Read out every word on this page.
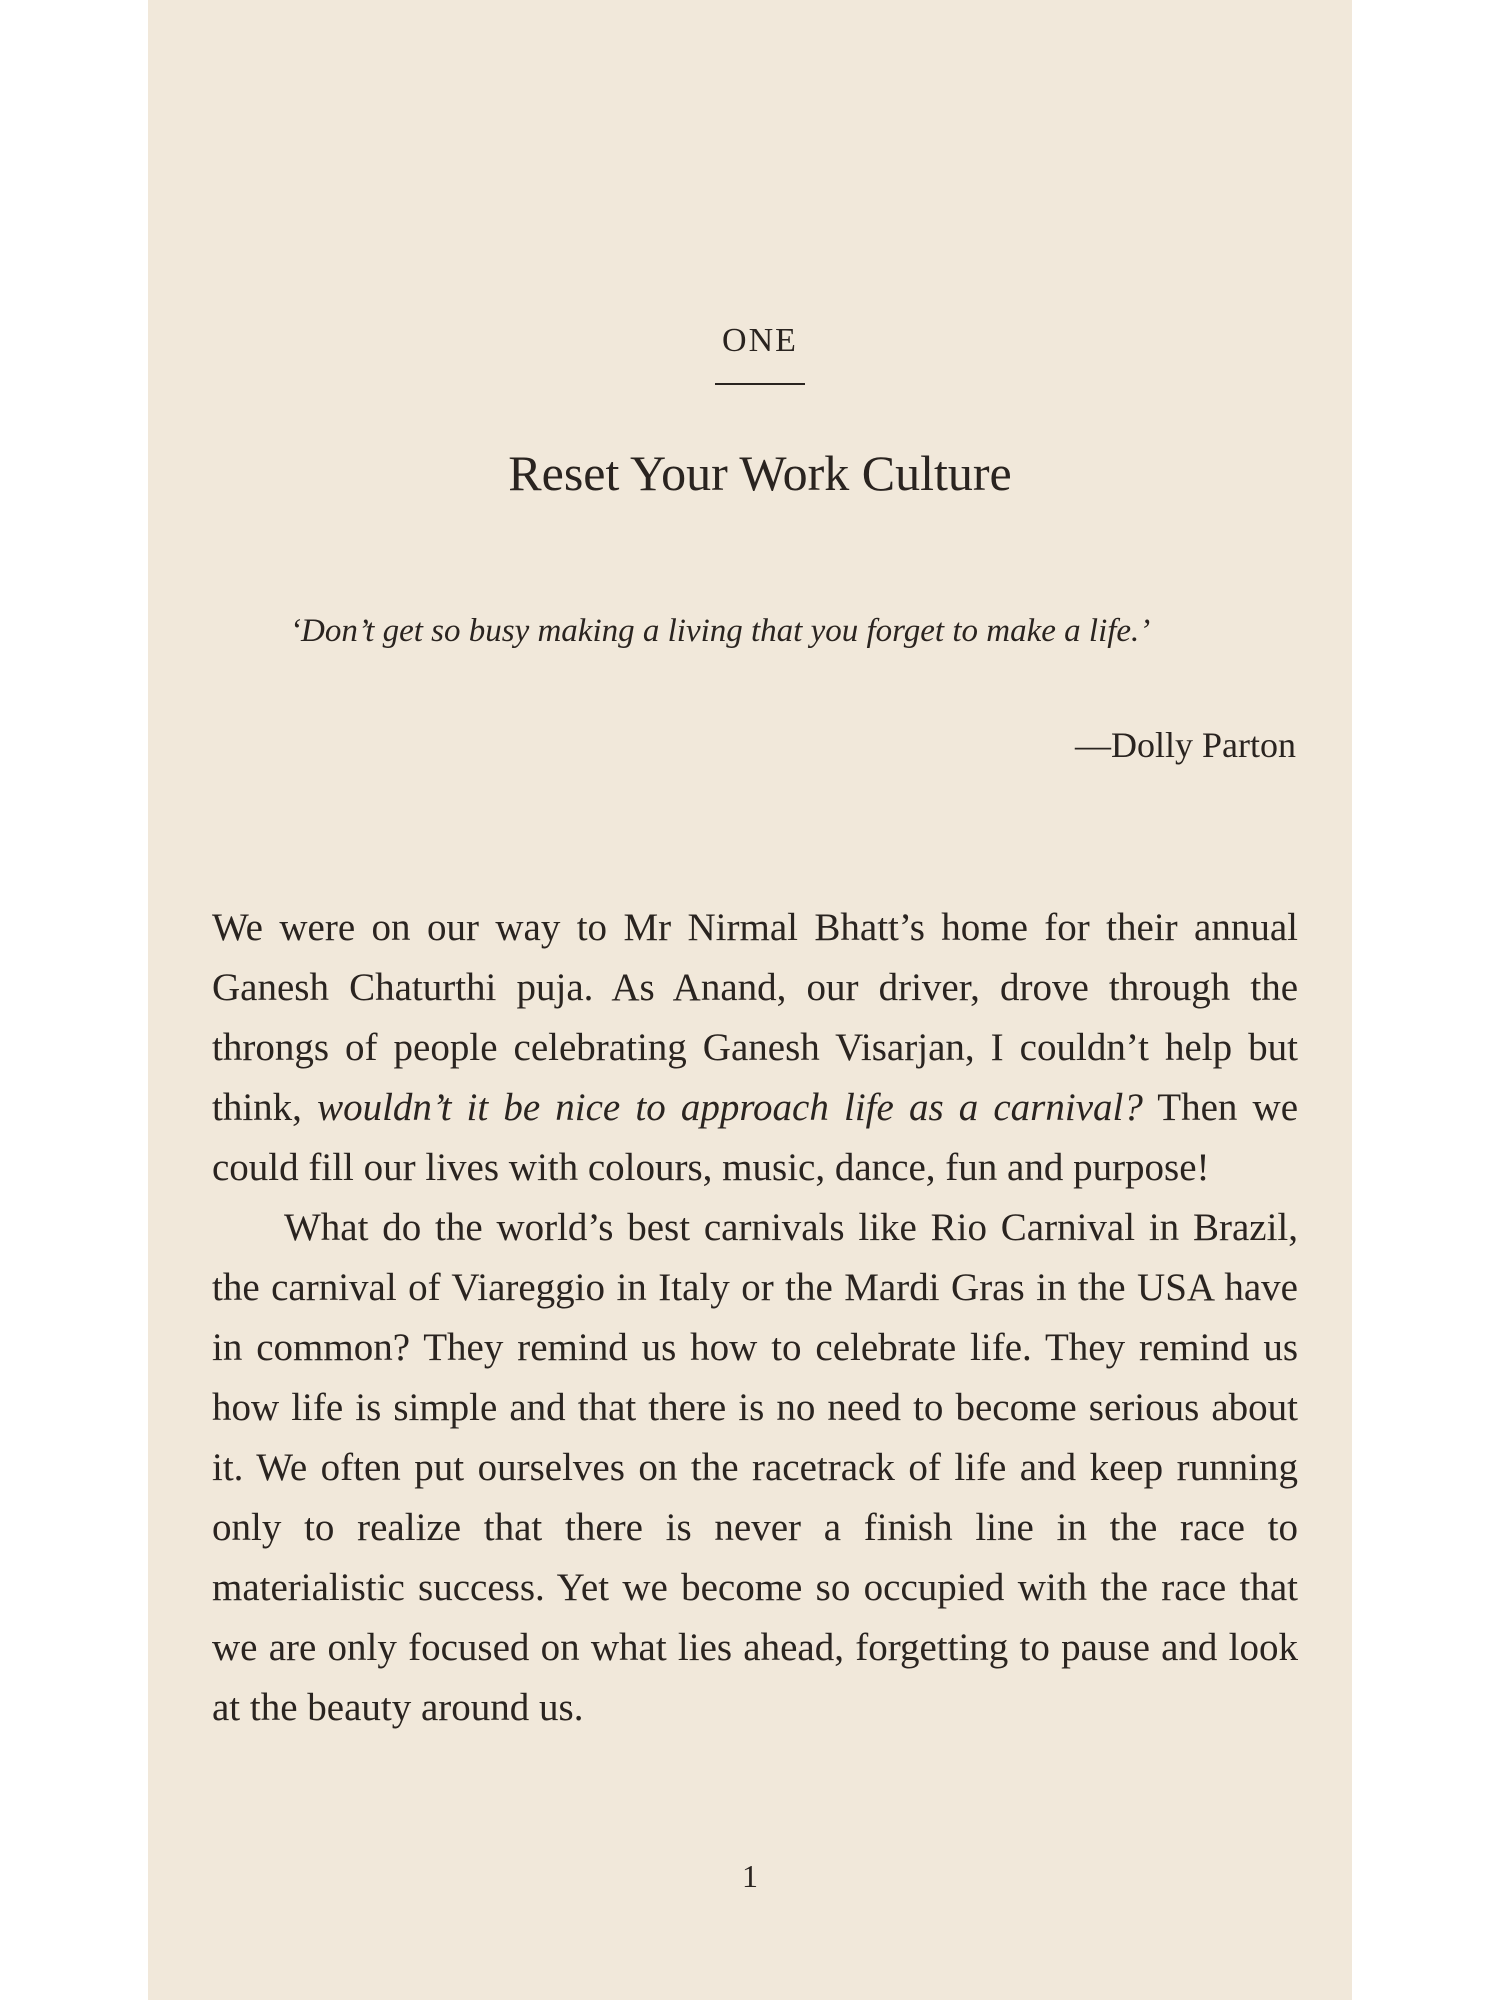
ONE
Reset Your Work Culture
‘Don’t get so busy making a living that you forget to make a life.’
—Dolly Parton

We were on our way to Mr Nirmal Bhatt’s home for their annual Ganesh Chaturthi puja. As Anand, our driver, drove through the throngs of people celebrating Ganesh Visarjan, I couldn’t help but think, wouldn’t it be nice to approach life as a carnival? Then we could fill our lives with colours, music, dance, fun and purpose!

What do the world’s best carnivals like Rio Carnival in Brazil, the carnival of Viareggio in Italy or the Mardi Gras in the USA have in common? They remind us how to celebrate life. They remind us how life is simple and that there is no need to become serious about it. We often put ourselves on the racetrack of life and keep running only to realize that there is never a finish line in the race to materialistic success. Yet we become so occupied with the race that we are only focused on what lies ahead, forgetting to pause and look at the beauty around us.

1
